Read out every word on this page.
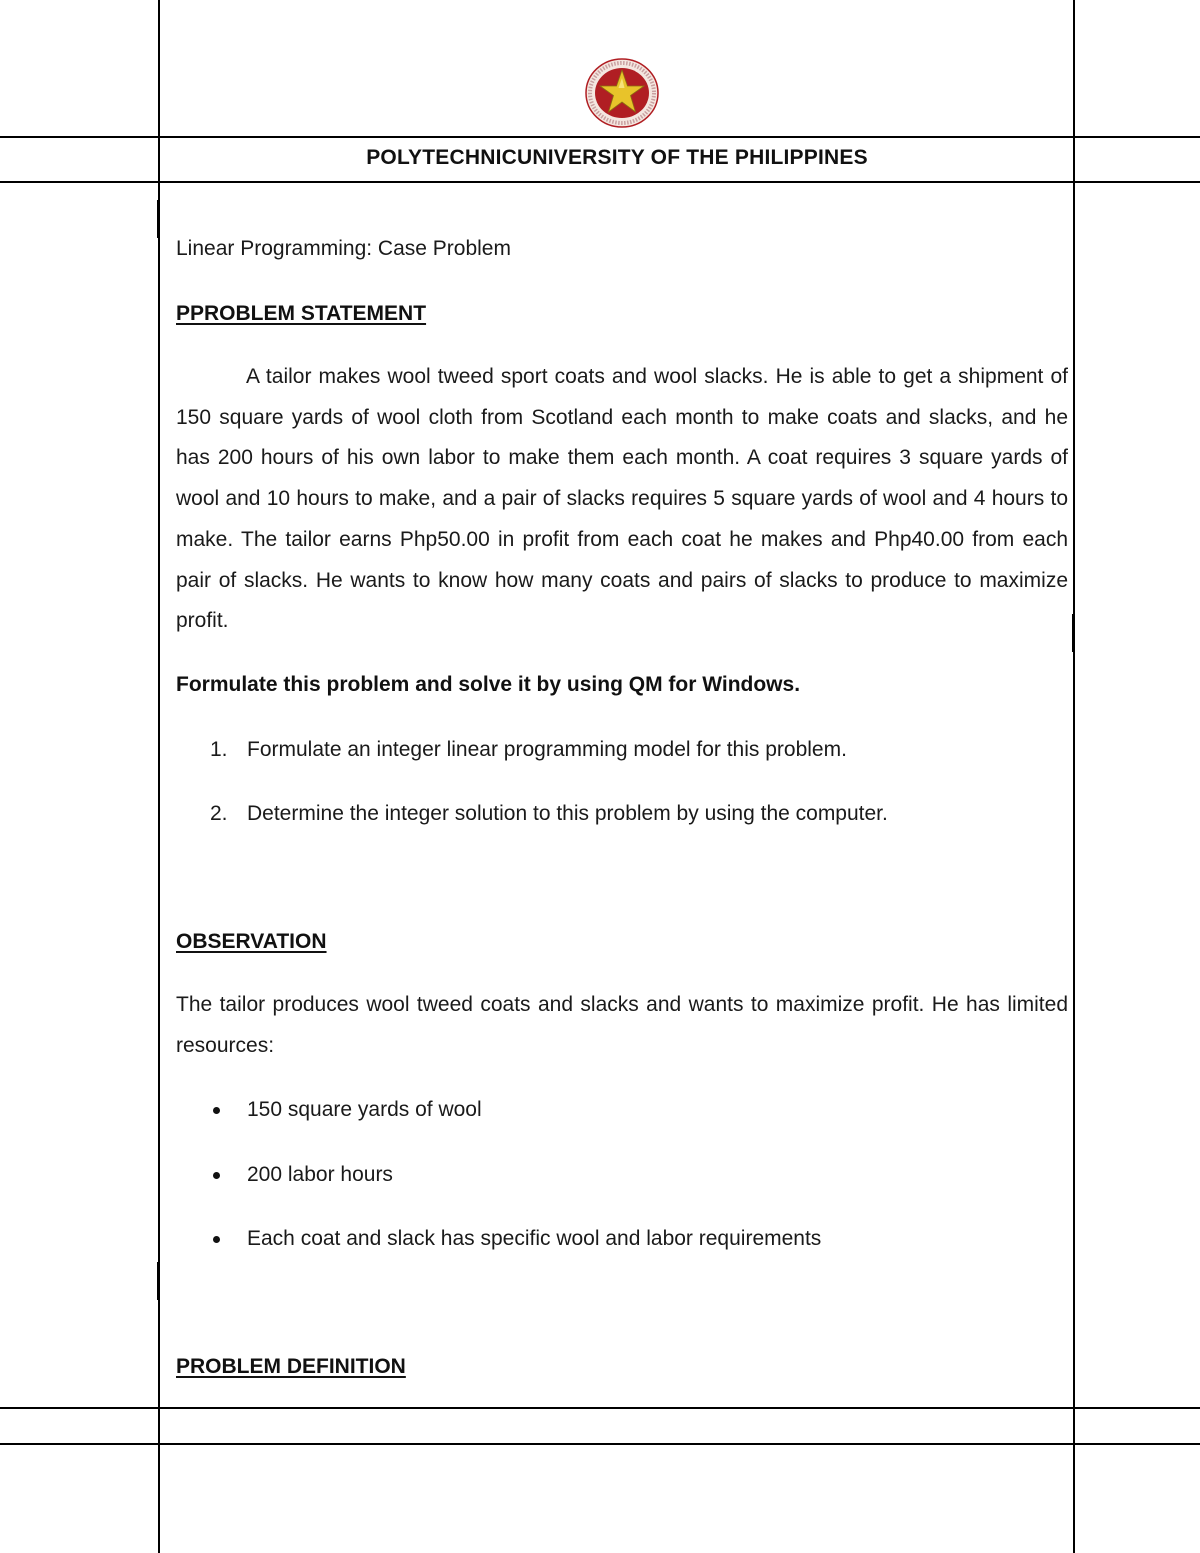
POLYTECHNICUNIVERSITY OF THE PHILIPPINES
Linear Programming: Case Problem
PPROBLEM STATEMENT
A tailor makes wool tweed sport coats and wool slacks. He is able to get a shipment of 150 square yards of wool cloth from Scotland each month to make coats and slacks, and he has 200 hours of his own labor to make them each month. A coat requires 3 square yards of wool and 10 hours to make, and a pair of slacks requires 5 square yards of wool and 4 hours to make. The tailor earns Php50.00 in profit from each coat he makes and Php40.00 from each pair of slacks. He wants to know how many coats and pairs of slacks to produce to maximize profit.
Formulate this problem and solve it by using QM for Windows.
1. Formulate an integer linear programming model for this problem.
2. Determine the integer solution to this problem by using the computer.
OBSERVATION
The tailor produces wool tweed coats and slacks and wants to maximize profit. He has limited resources:
150 square yards of wool
200 labor hours
Each coat and slack has specific wool and labor requirements
PROBLEM DEFINITION
